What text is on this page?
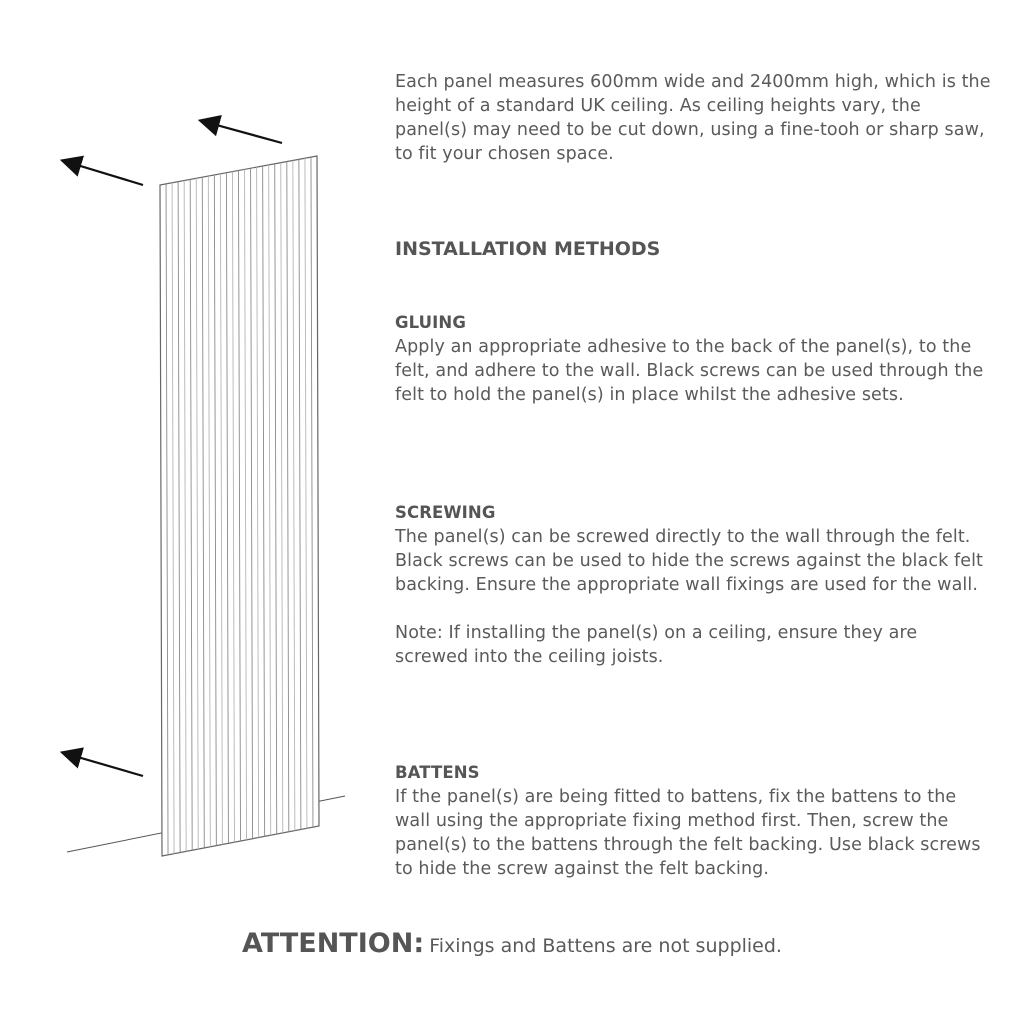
Each panel measures 600mm wide and 2400mm high, which is the height of a standard UK ceiling. As ceiling heights vary, the panel(s) may need to be cut down, using a fine-tooh or sharp saw, to fit your chosen space.

INSTALLATION METHODS
GLUING

Apply an appropriate adhesive to the back of the panel(s), to the felt, and adhere to the wall. Black screws can be used through the felt to hold the panel(s) in place whilst the adhesive sets.

SCREWING

The panel(s) can be screwed directly to the wall through the felt. Black screws can be used to hide the screws against the black felt backing. Ensure the appropriate wall fixings are used for the wall.

Note: If installing the panel(s) on a ceiling, ensure they are screwed into the ceiling joists.

BATTENS

If the panel(s) are being fitted to battens, fix the battens to the wall using the appropriate fixing method first. Then, screw the panel(s) to the battens through the felt backing. Use black screws to hide the screw against the felt backing.

ATTENTION: Fixings and Battens are not supplied.
